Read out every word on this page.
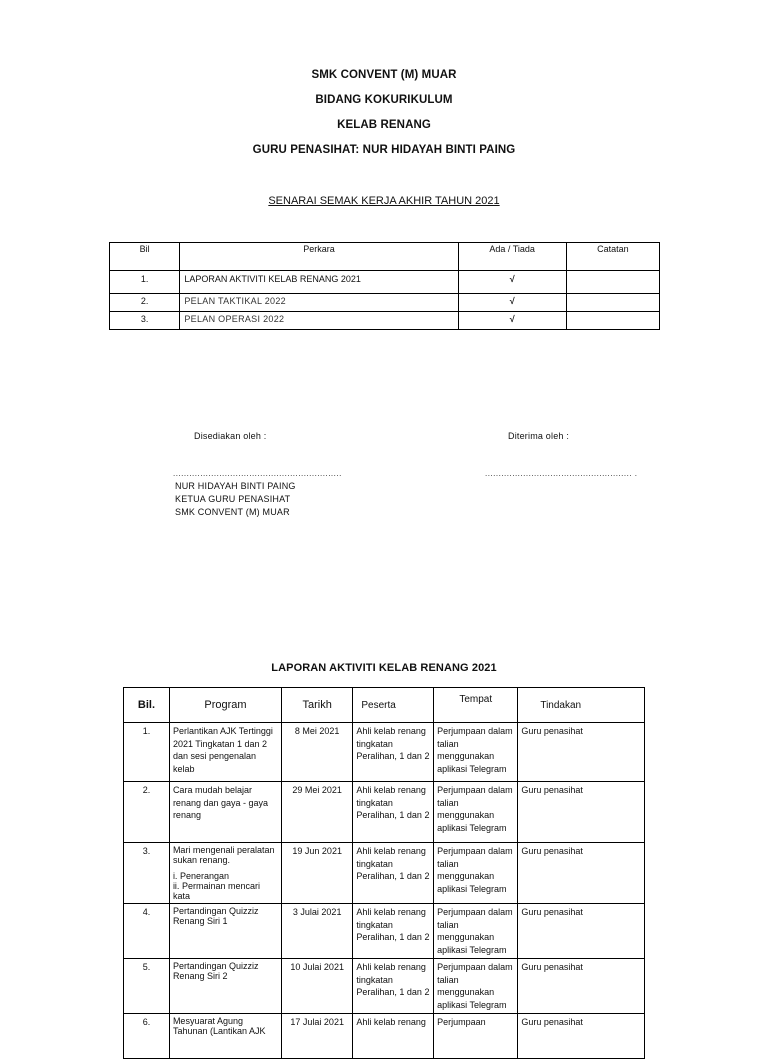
SMK CONVENT (M) MUAR
BIDANG KOKURIKULUM
KELAB RENANG
GURU PENASIHAT: NUR HIDAYAH BINTI PAING
SENARAI SEMAK KERJA AKHIR TAHUN 2021
Bil	Perkara	Ada / Tiada	Catatan
1.	LAPORAN AKTIVITI KELAB RENANG 2021	√	
2.	PELAN TAKTIKAL 2022	√	
3.	PELAN OPERASI 2022	√	
Disediakan oleh :	Diterima oleh :
..............................................................	...................................................... .
NUR HIDAYAH BINTI PAING
KETUA GURU PENASIHAT
SMK CONVENT (M) MUAR
LAPORAN AKTIVITI KELAB RENANG 2021
Bil.	Program	Tarikh	Peserta	Tempat	Tindakan
1.	Perlantikan AJK Tertinggi 2021 Tingkatan 1 dan 2 dan sesi pengenalan kelab	8 Mei 2021	Ahli kelab renang tingkatan Peralihan, 1 dan 2	Perjumpaan dalam talian menggunakan aplikasi Telegram	Guru penasihat
2.	Cara mudah belajar renang dan gaya - gaya renang	29 Mei 2021	Ahli kelab renang tingkatan Peralihan, 1 dan 2	Perjumpaan dalam talian menggunakan aplikasi Telegram	Guru penasihat
3.	Mari mengenali peralatan sukan renang.
i. Penerangan
ii. Permainan mencari kata	19 Jun 2021	Ahli kelab renang tingkatan Peralihan, 1 dan 2	Perjumpaan dalam talian menggunakan aplikasi Telegram	Guru penasihat
4.	Pertandingan Quizziz Renang Siri 1	3 Julai 2021	Ahli kelab renang tingkatan Peralihan, 1 dan 2	Perjumpaan dalam talian menggunakan aplikasi Telegram	Guru penasihat
5.	Pertandingan Quizziz Renang Siri 2	10 Julai 2021	Ahli kelab renang tingkatan Peralihan, 1 dan 2	Perjumpaan dalam talian menggunakan aplikasi Telegram	Guru penasihat
6.	Mesyuarat Agung Tahunan (Lantikan AJK	17 Julai 2021	Ahli kelab renang	Perjumpaan	Guru penasihat
